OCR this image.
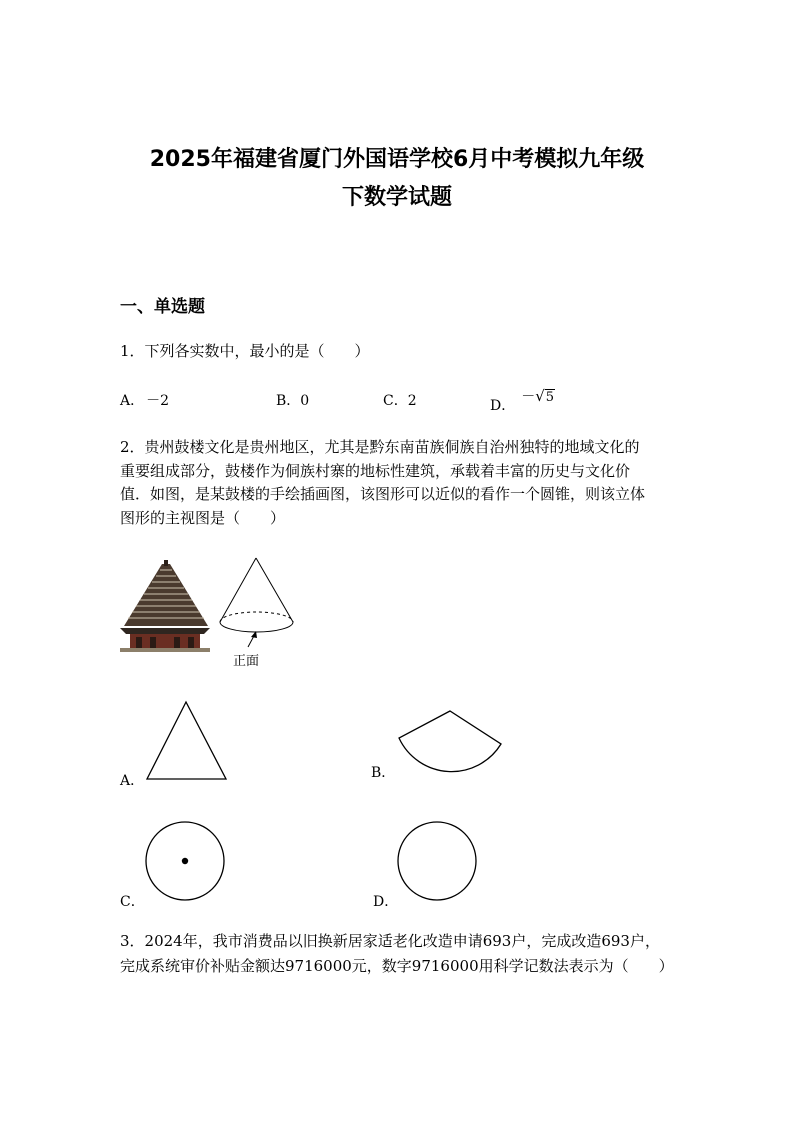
2025年福建省厦门外国语学校6月中考模拟九年级
下数学试题
一、单选题
1．下列各实数中，最小的是（　　）
A． －2	B．0	C．2	D．－√5
2．贵州鼓楼文化是贵州地区，尤其是黔东南苗族侗族自治州独特的地域文化的
重要组成部分，鼓楼作为侗族村寨的地标性建筑，承载着丰富的历史与文化价
值．如图，是某鼓楼的手绘插画图，该图形可以近似的看作一个圆锥，则该立体
图形的主视图是（　　）
正面
A．	B．
C．	D．
3．2024年，我市消费品以旧换新居家适老化改造申请693户，完成改造693户，
完成系统审价补贴金额达9716000元，数字9716000用科学记数法表示为（　　）
